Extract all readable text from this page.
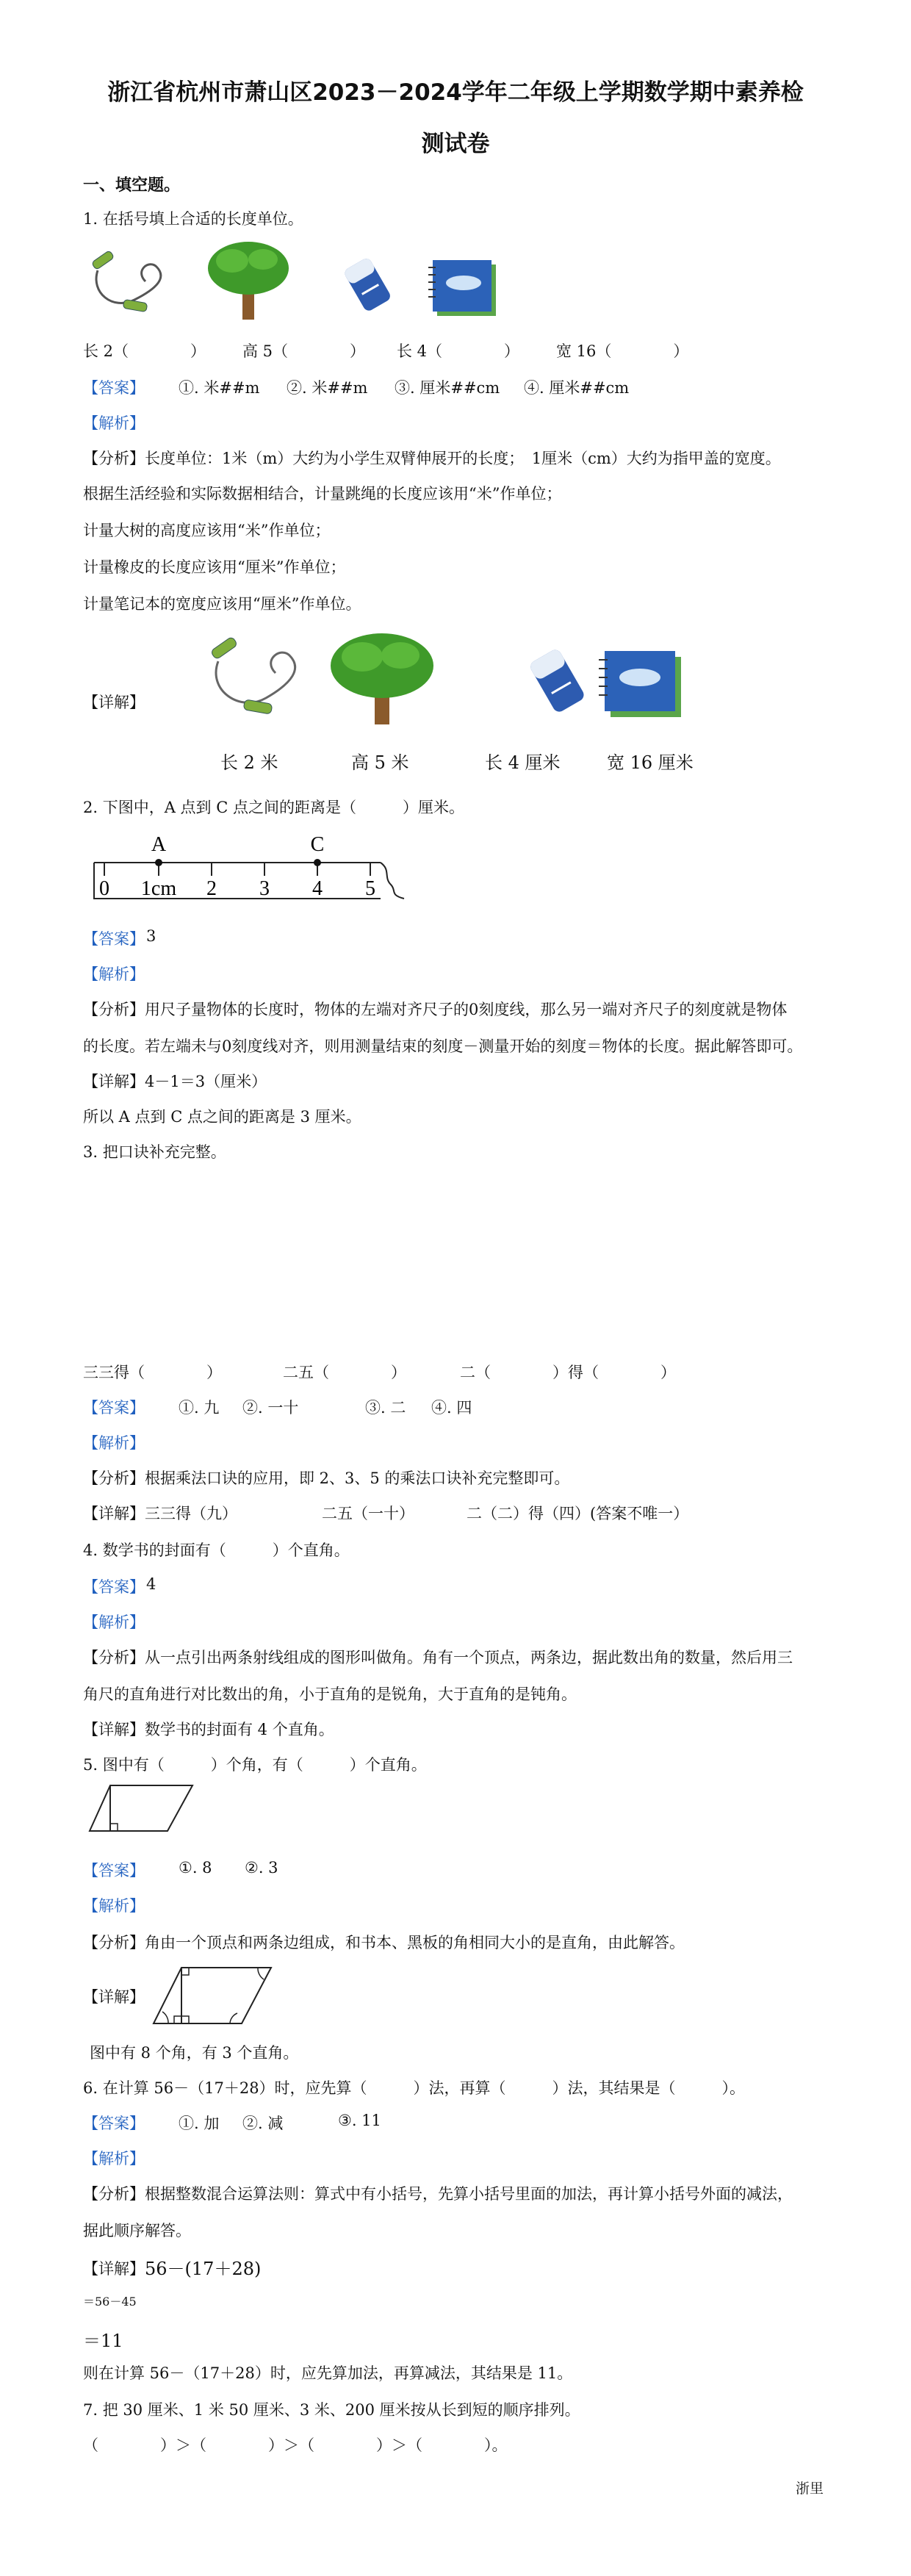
浙江省杭州市萧山区2023－2024学年二年级上学期数学期中素养检
测试卷
一、填空题。
1. 在括号填上合适的长度单位。
长 2（　　　　） 高 5（　　　　） 长 4（　　　　） 宽 16（　　　　）
【答案】 ①. 米##m ②. 米##m ③. 厘米##cm ④. 厘米##cm
【解析】
【分析】长度单位：1米（m）大约为小学生双臂伸展开的长度；　1厘米（cm）大约为指甲盖的宽度。
根据生活经验和实际数据相结合，计量跳绳的长度应该用“米”作单位；
计量大树的高度应该用“米”作单位；
计量橡皮的长度应该用“厘米”作单位；
计量笔记本的宽度应该用“厘米”作单位。
【详解】
长 2 米	高 5 米	长 4 厘米	宽 16 厘米
2. 下图中，A 点到 C 点之间的距离是（　　　）厘米。
A	C
0 1cm 2 3 4 5
【答案】 3
【解析】
【分析】用尺子量物体的长度时，物体的左端对齐尺子的0刻度线，那么另一端对齐尺子的刻度就是物体
的长度。若左端未与0刻度线对齐，则用测量结束的刻度－测量开始的刻度＝物体的长度。据此解答即可。
【详解】4－1＝3（厘米）
所以 A 点到 C 点之间的距离是 3 厘米。
3. 把口诀补充完整。
三三得（　　　　）	二五（　　　　）	二（　　　　）得（　　　　）
【答案】 ①. 九 ②. 一十	③. 二 ④. 四
【解析】
【分析】根据乘法口诀的应用，即 2、3、5 的乘法口诀补充完整即可。
【详解】三三得（九）	二五（一十）	二（二）得（四）(答案不唯一）
4. 数学书的封面有（　　　）个直角。
【答案】 4
【解析】
【分析】从一点引出两条射线组成的图形叫做角。角有一个顶点，两条边，据此数出角的数量，然后用三
角尺的直角进行对比数出的角，小于直角的是锐角，大于直角的是钝角。
【详解】数学书的封面有 4 个直角。
5. 图中有（　　　）个角，有（　　　）个直角。
【答案】 ①. 8 ②. 3
【解析】
【分析】角由一个顶点和两条边组成，和书本、黑板的角相同大小的是直角，由此解答。
【详解】
图中有 8 个角，有 3 个直角。
6. 在计算 56－（17＋28）时，应先算（　　　）法，再算（　　　）法，其结果是（　　　）。
【答案】 ①. 加 ②. 减	③. 11
【解析】
【分析】根据整数混合运算法则：算式中有小括号，先算小括号里面的加法，再计算小括号外面的减法，
据此顺序解答。
【详解】 56－(17＋28)
＝56－45
＝11
则在计算 56－（17＋28）时，应先算加法，再算减法，其结果是 11。
7. 把 30 厘米、1 米 50 厘米、3 米、200 厘米按从长到短的顺序排列。
（　　　　）＞（　　　　）＞（　　　　）＞（　　　　）。
浙里
